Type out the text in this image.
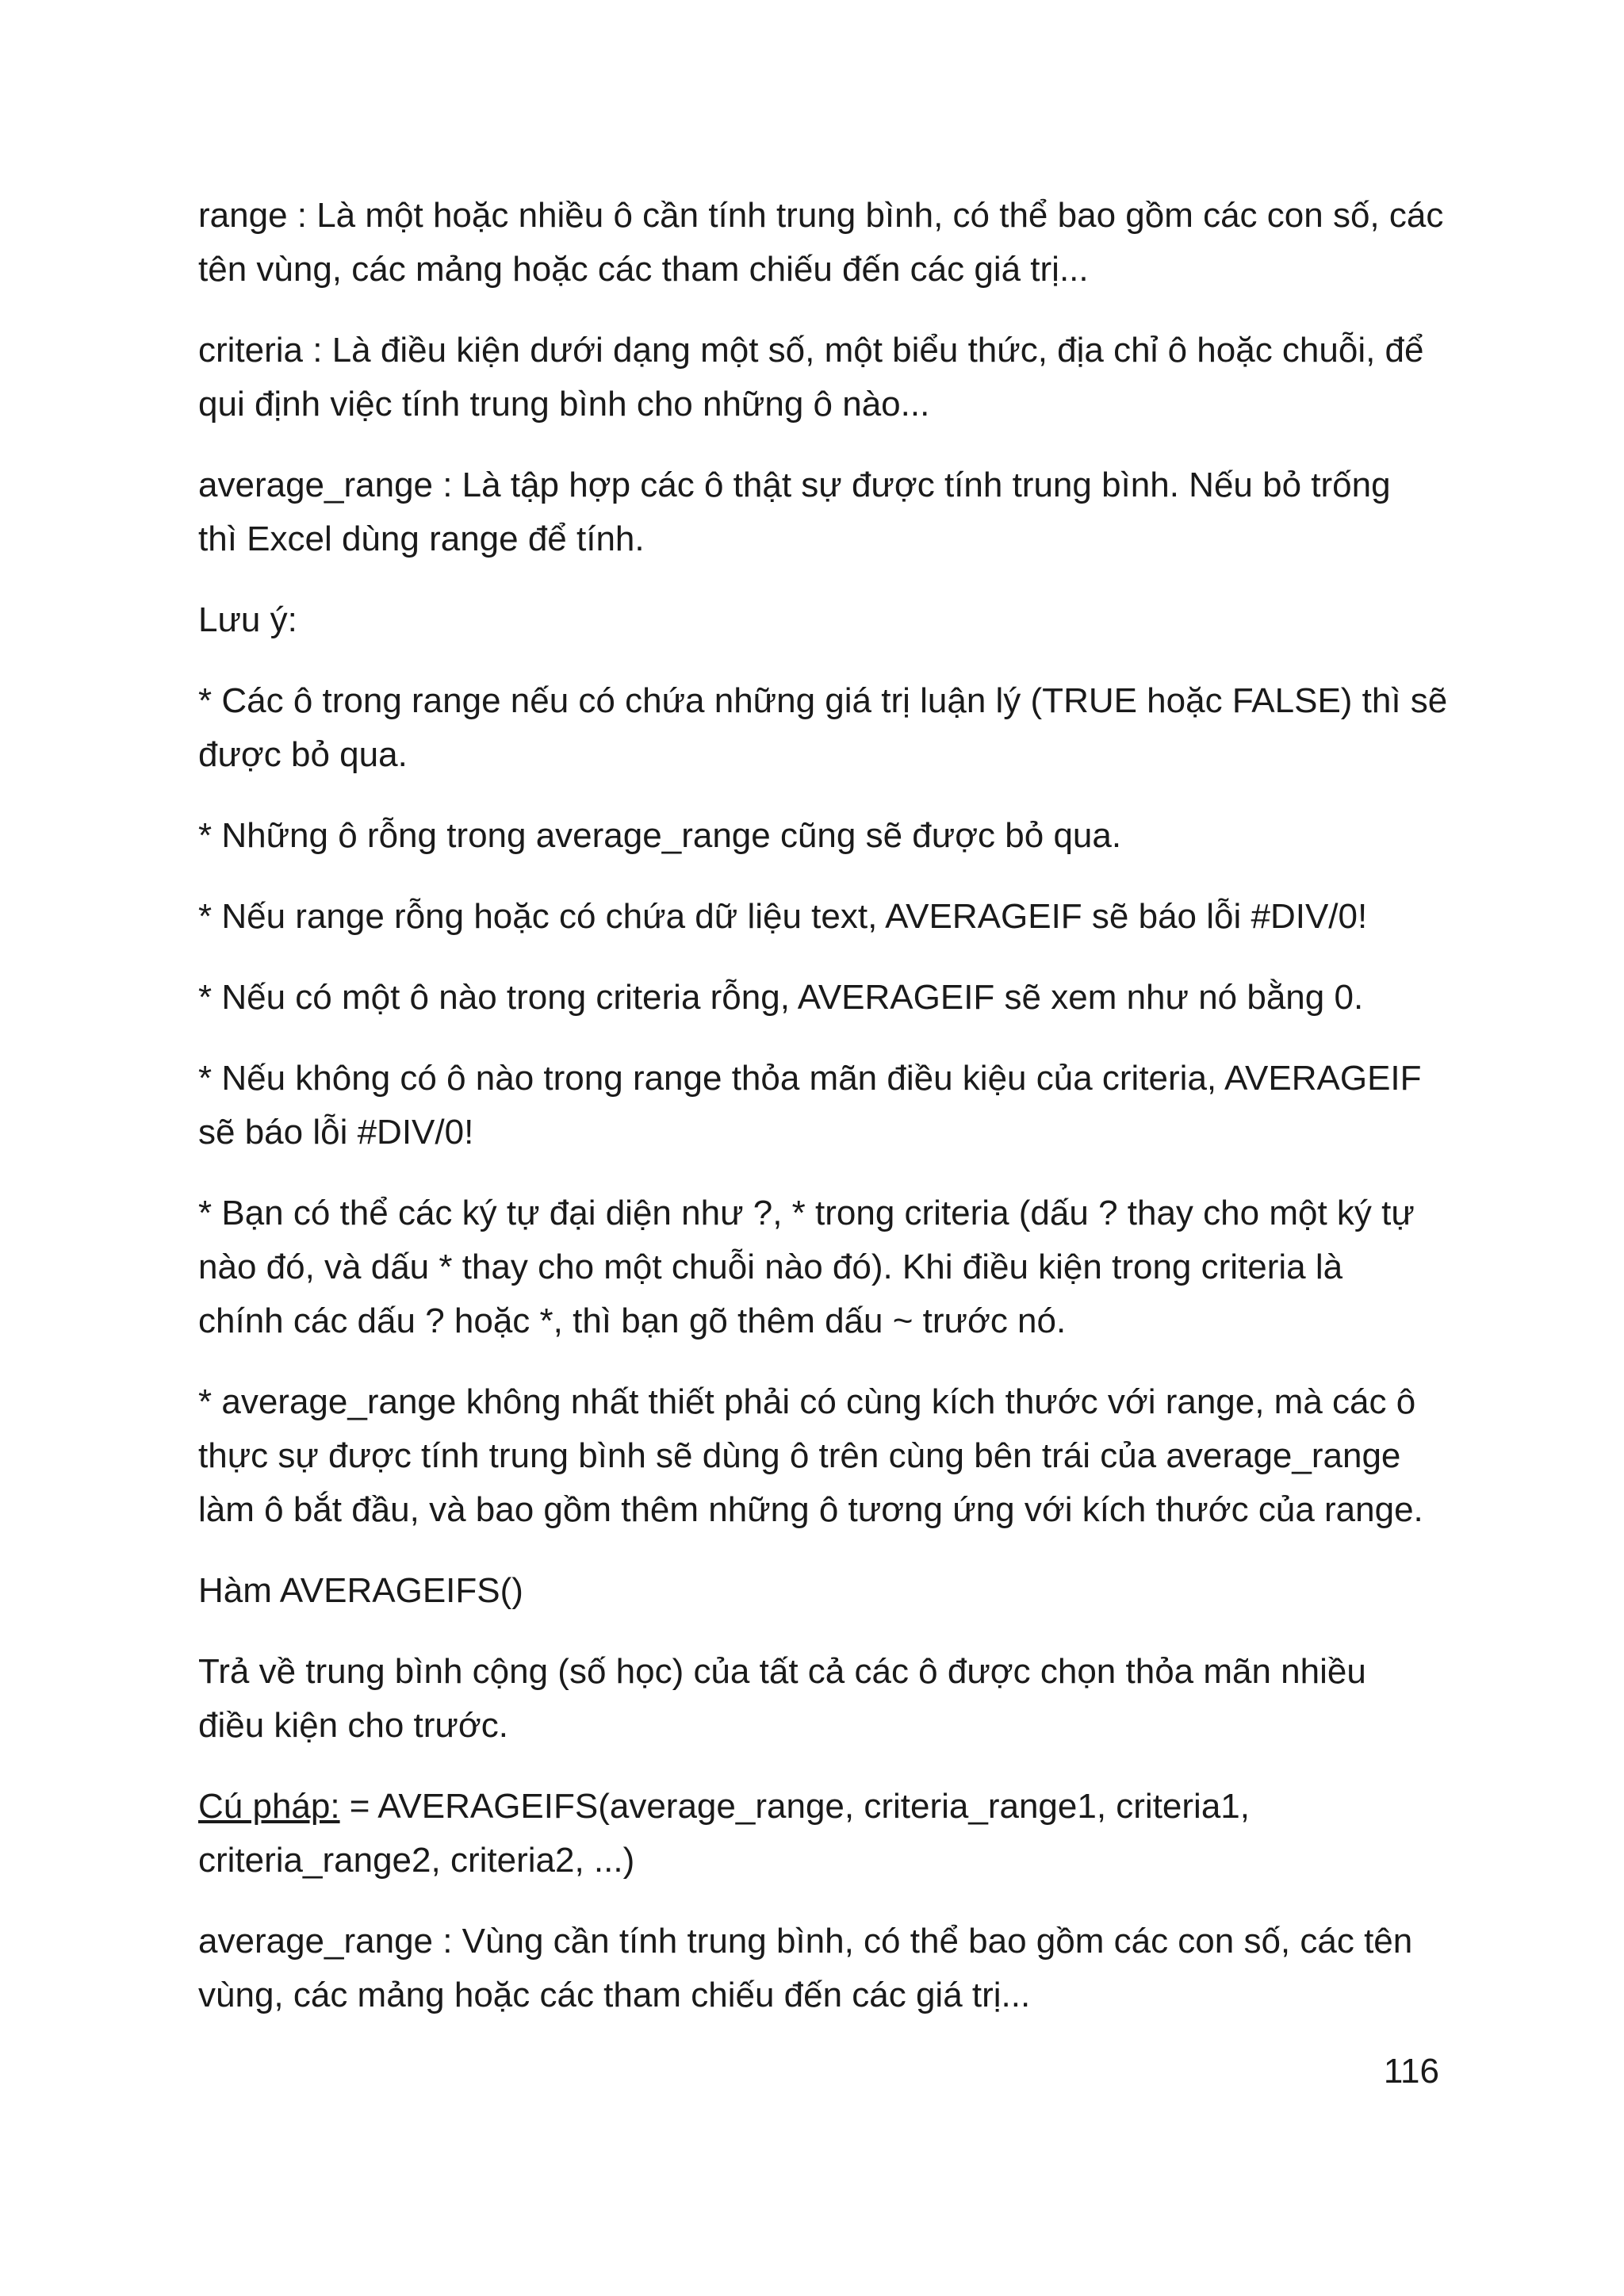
range : Là một hoặc nhiều ô cần tính trung bình, có thể bao gồm các con số, các
tên vùng, các mảng hoặc các tham chiếu đến các giá trị...

criteria : Là điều kiện dưới dạng một số, một biểu thức, địa chỉ ô hoặc chuỗi, để
qui định việc tính trung bình cho những ô nào...

average_range : Là tập hợp các ô thật sự được tính trung bình. Nếu bỏ trống
thì Excel dùng range để tính.

Lưu ý:

* Các ô trong range nếu có chứa những giá trị luận lý (TRUE hoặc FALSE) thì sẽ
được bỏ qua.

* Những ô rỗng trong average_range cũng sẽ được bỏ qua.

* Nếu range rỗng hoặc có chứa dữ liệu text, AVERAGEIF sẽ báo lỗi #DIV/0!

* Nếu có một ô nào trong criteria rỗng, AVERAGEIF sẽ xem như nó bằng 0.

* Nếu không có ô nào trong range thỏa mãn điều kiệu của criteria, AVERAGEIF
sẽ báo lỗi #DIV/0!

* Bạn có thể các ký tự đại diện như ?, * trong criteria (dấu ? thay cho một ký tự
nào đó, và dấu * thay cho một chuỗi nào đó). Khi điều kiện trong criteria là
chính các dấu ? hoặc *, thì bạn gõ thêm dấu ~ trước nó.

* average_range không nhất thiết phải có cùng kích thước với range, mà các ô
thực sự được tính trung bình sẽ dùng ô trên cùng bên trái của average_range
làm ô bắt đầu, và bao gồm thêm những ô tương ứng với kích thước của range.

Hàm AVERAGEIFS()

Trả về trung bình cộng (số học) của tất cả các ô được chọn thỏa mãn nhiều
điều kiện cho trước.

Cú pháp: = AVERAGEIFS(average_range, criteria_range1, criteria1,
criteria_range2, criteria2, ...)

average_range : Vùng cần tính trung bình, có thể bao gồm các con số, các tên
vùng, các mảng hoặc các tham chiếu đến các giá trị...

116
